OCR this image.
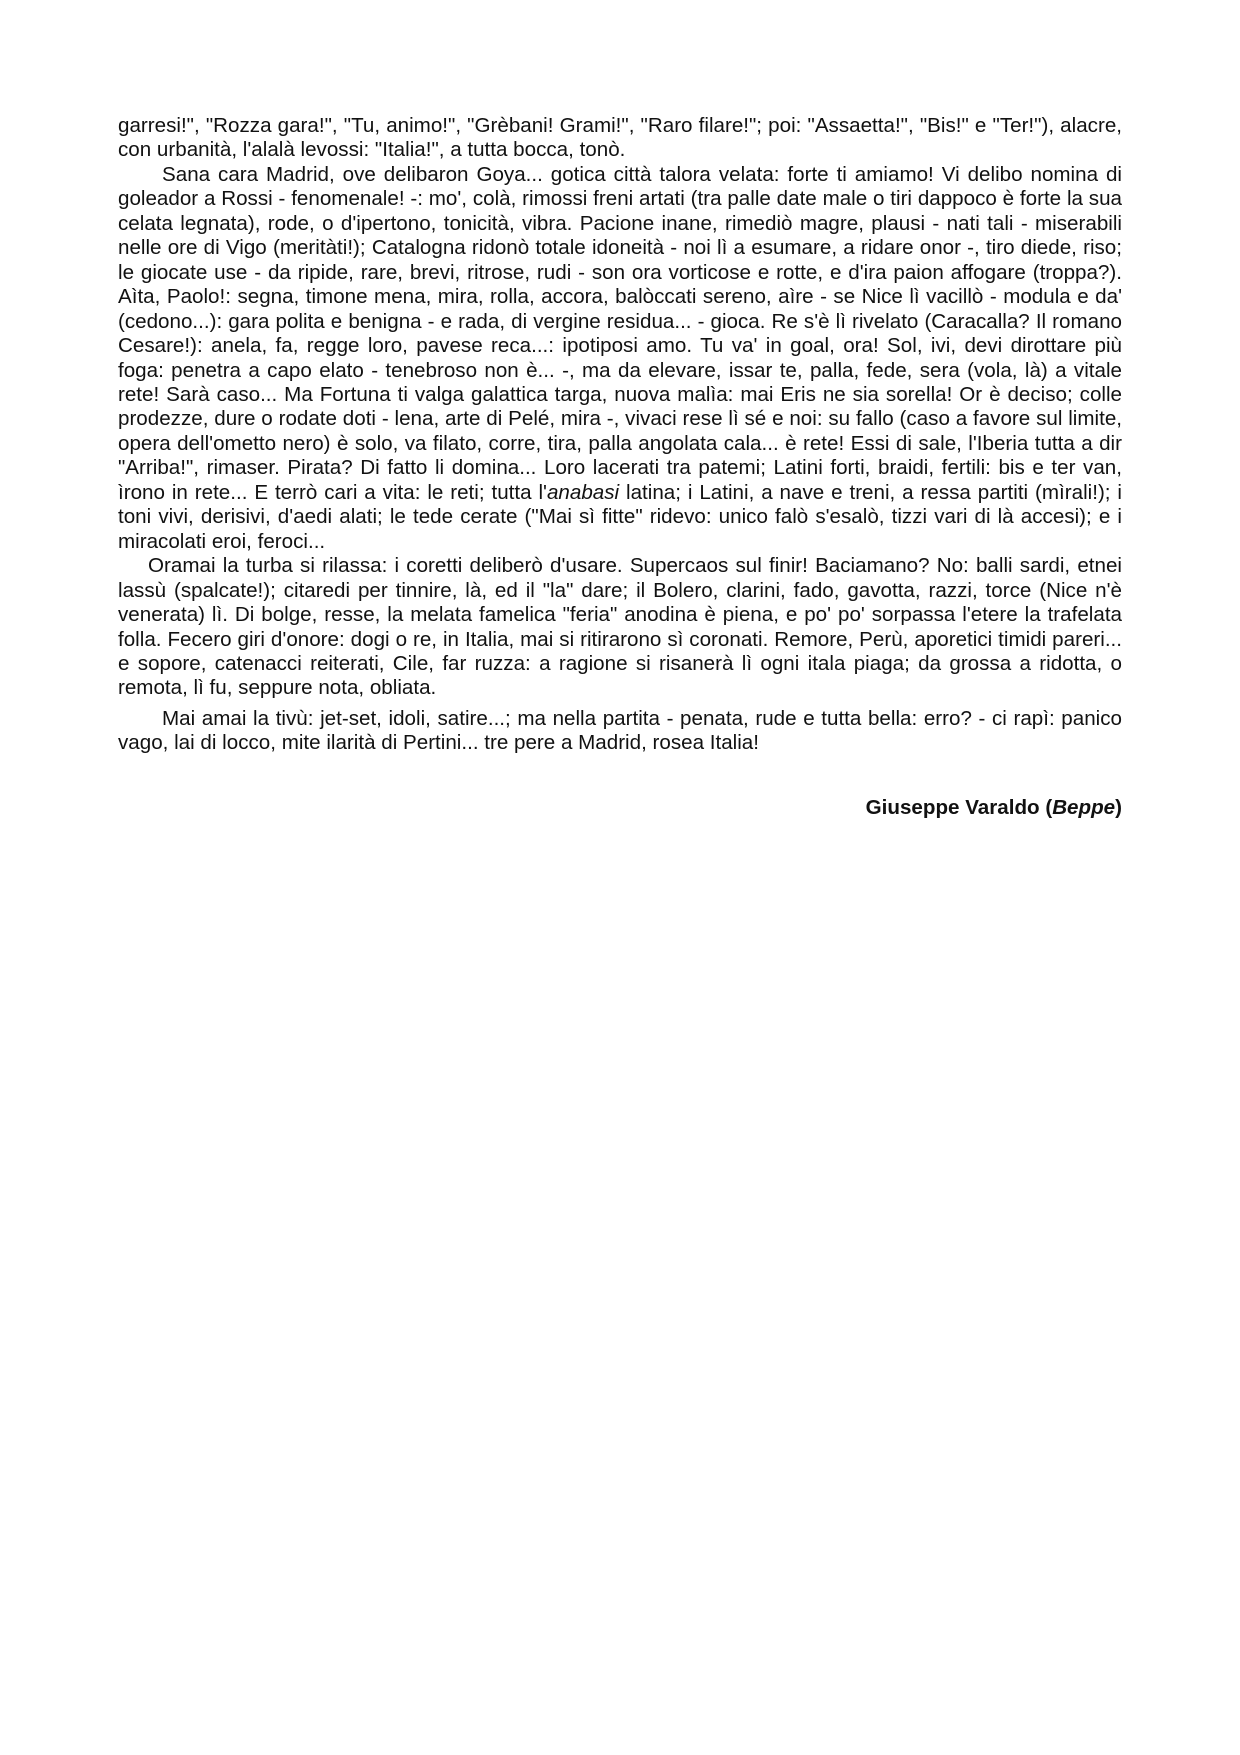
garresi!", "Rozza gara!", "Tu, animo!", "Grèbani! Grami!", "Raro filare!"; poi: "Assaetta!", "Bis!" e "Ter!"), alacre, con urbanità, l'alalà levossi: "Italia!", a tutta bocca, tonò.

Sana cara Madrid, ove delibaron Goya... gotica città talora velata: forte ti amiamo! Vi delibo nomina di goleador a Rossi - fenomenale! -: mo', colà, rimossi freni artati (tra palle date male o tiri dappoco è forte la sua celata legnata), rode, o d'ipertono, tonicità, vibra. Pacione inane, rimediò magre, plausi - nati tali - miserabili nelle ore di Vigo (meritàti!); Catalogna ridonò totale idoneità - noi lì a esumare, a ridare onor -, tiro diede, riso; le giocate use - da ripide, rare, brevi, ritrose, rudi - son ora vorticose e rotte, e d'ira paion affogare (troppa?). Aìta, Paolo!: segna, timone mena, mira, rolla, accora, balòccati sereno, aìre - se Nice lì vacillò - modula e da' (cedono...): gara polita e benigna - e rada, di vergine residua... - gioca. Re s'è lì rivelato (Caracalla? Il romano Cesare!): anela, fa, regge loro, pavese reca...: ipotiposi amo. Tu va' in goal, ora! Sol, ivi, devi dirottare più foga: penetra a capo elato - tenebroso non è... -, ma da elevare, issar te, palla, fede, sera (vola, là) a vitale rete! Sarà caso... Ma Fortuna ti valga galattica targa, nuova malìa: mai Eris ne sia sorella! Or è deciso; colle prodezze, dure o rodate doti - lena, arte di Pelé, mira -, vivaci rese lì sé e noi: su fallo (caso a favore sul limite, opera dell'ometto nero) è solo, va filato, corre, tira, palla angolata cala... è rete! Essi di sale, l'Iberia tutta a dir "Arriba!", rimaser. Pirata? Di fatto li domina... Loro lacerati tra patemi; Latini forti, braidi, fertili: bis e ter van, ìrono in rete... E terrò cari a vita: le reti; tutta l'anabasi latina; i Latini, a nave e treni, a ressa partiti (mìrali!); i toni vivi, derisivi, d'aedi alati; le tede cerate ("Mai sì fitte" ridevo: unico falò s'esalò, tizzi vari di là accesi); e i miracolati eroi, feroci...

Oramai la turba si rilassa: i coretti deliberò d'usare. Supercaos sul finir! Baciamano? No: balli sardi, etnei lassù (spalcate!); citaredi per tinnire, là, ed il "la" dare; il Bolero, clarini, fado, gavotta, razzi, torce (Nice n'è venerata) lì. Di bolge, resse, la melata famelica "feria" anodina è piena, e po' po' sorpassa l'etere la trafelata folla. Fecero giri d'onore: dogi o re, in Italia, mai si ritirarono sì coronati. Remore, Perù, aporetici timidi pareri... e sopore, catenacci reiterati, Cile, far ruzza: a ragione si risanerà lì ogni itala piaga; da grossa a ridotta, o remota, lì fu, seppure nota, obliata.

Mai amai la tivù: jet-set, idoli, satire...; ma nella partita - penata, rude e tutta bella: erro? - ci rapì: panico vago, lai di locco, mite ilarità di Pertini... tre pere a Madrid, rosea Italia!

Giuseppe Varaldo (Beppe)
